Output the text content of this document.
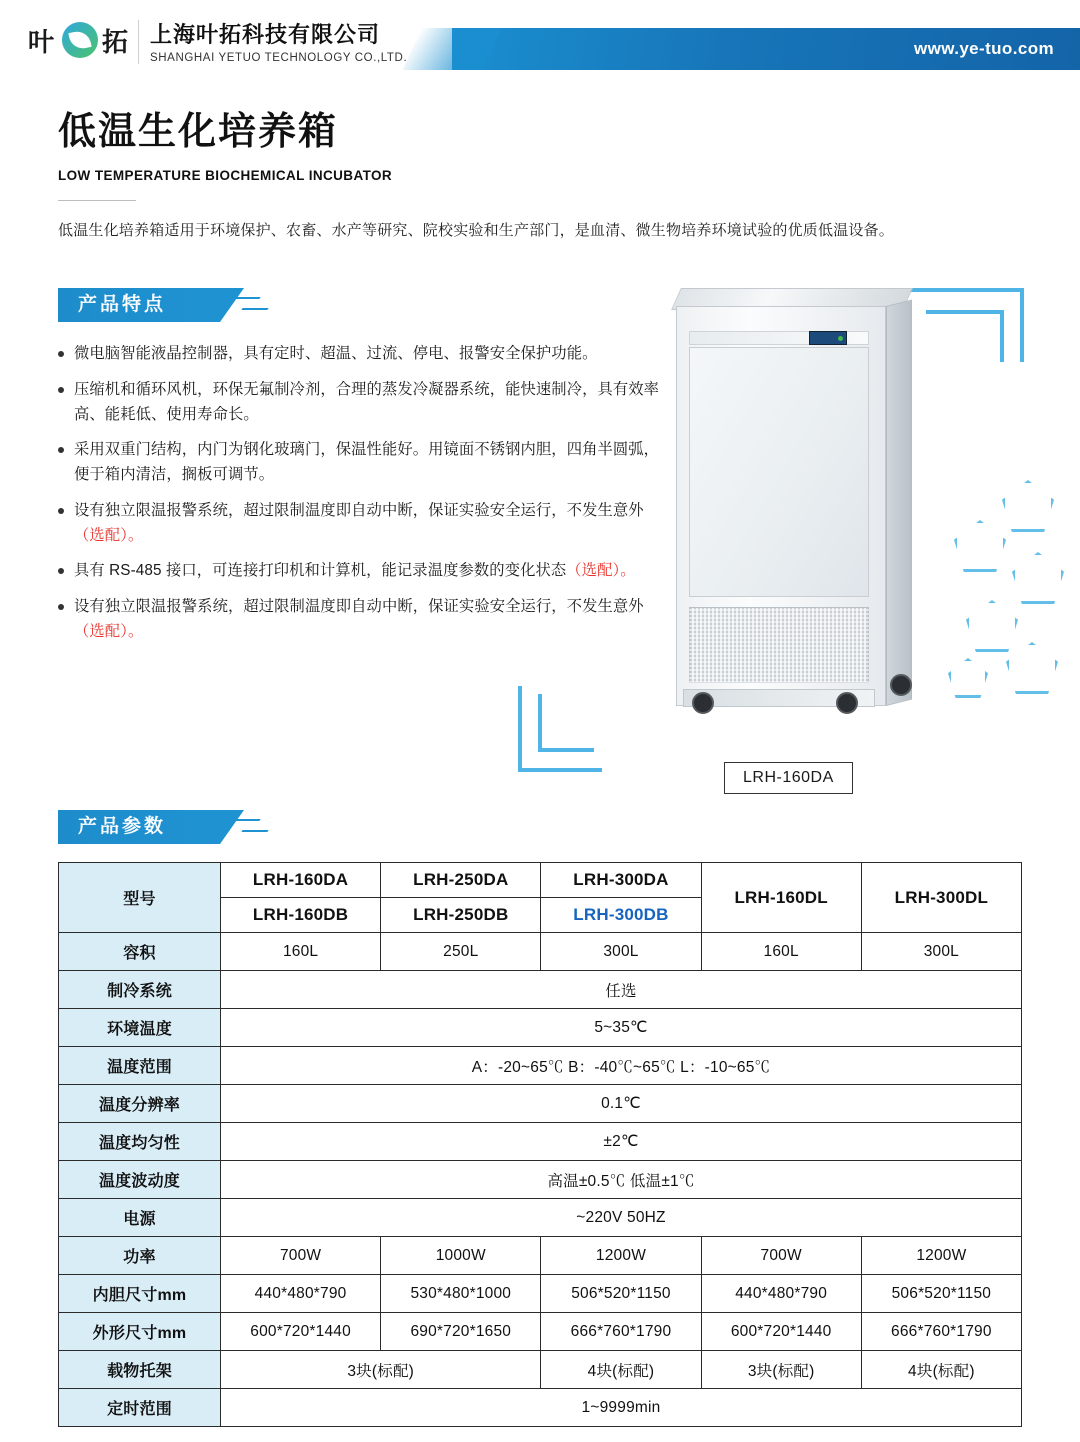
叶 拓 上海叶拓科技有限公司
SHANGHAI YETUO TECHNOLOGY CO.,LTD.	www.ye-tuo.com
低温生化培养箱
LOW TEMPERATURE BIOCHEMICAL INCUBATOR
低温生化培养箱适用于环境保护、农畜、水产等研究、院校实验和生产部门，是血清、微生物培养环境试验的优质低温设备。
产品特点
微电脑智能液晶控制器，具有定时、超温、过流、停电、报警安全保护功能。
压缩机和循环风机，环保无氟制冷剂，合理的蒸发冷凝器系统，能快速制冷，具有效率高、能耗低、使用寿命长。
采用双重门结构，内门为钢化玻璃门，保温性能好。用镜面不锈钢内胆，四角半圆弧，便于箱内清洁，搁板可调节。
设有独立限温报警系统，超过限制温度即自动中断，保证实验安全运行，不发生意外（选配）。
具有 RS-485 接口，可连接打印机和计算机，能记录温度参数的变化状态（选配）。
设有独立限温报警系统，超过限制温度即自动中断，保证实验安全运行，不发生意外（选配）。
LRH-160DA
产品参数
型号	LRH-160DA	LRH-250DA	LRH-300DA	LRH-160DL	LRH-300DL
	LRH-160DB	LRH-250DB	LRH-300DB		
容积	160L	250L	300L	160L	300L
制冷系统	任选				
环境温度	5~35℃				
温度范围	A：-20~65℃ B：-40℃~65℃ L：-10~65℃				
温度分辨率	0.1℃				
温度均匀性	±2℃				
温度波动度	高温±0.5℃ 低温±1℃				
电源	~220V 50HZ				
功率	700W	1000W	1200W	700W	1200W
内胆尺寸mm	440*480*790	530*480*1000	506*520*1150	440*480*790	506*520*1150
外形尺寸mm	600*720*1440	690*720*1650	666*760*1790	600*720*1440	666*760*1790
载物托架	3块(标配)		4块(标配)	3块(标配)	4块(标配)
定时范围	1~9999min				
